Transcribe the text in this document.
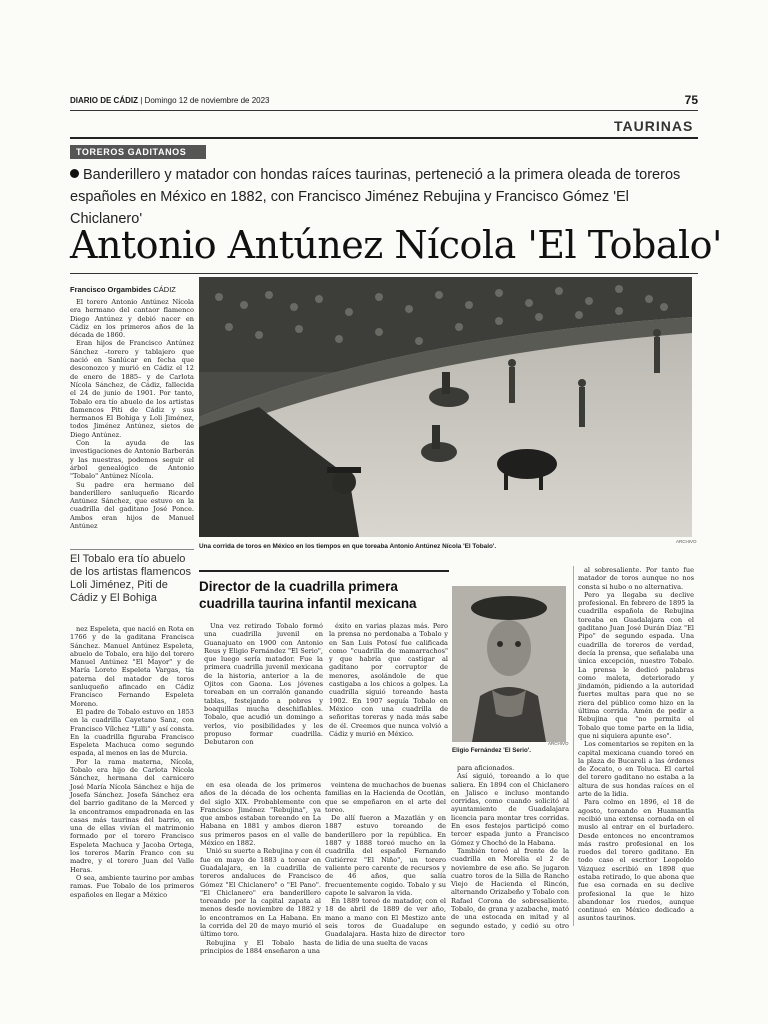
DIARIO DE CÁDIZ | Domingo 12 de noviembre de 2023	75
TAURINAS
TOREROS GADITANOS
Banderillero y matador con hondas raíces taurinas, perteneció a la primera oleada de toreros españoles en México en 1882, con Francisco Jiménez Rebujina y Francisco Gómez 'El Chiclanero'
Antonio Antúnez Nícola 'El Tobalo'
Francisco Orgambides CÁDIZ

El torero Antonio Antúnez Nícola era hermano del cantaor flamenco Diego Antúnez y debió nacer en Cádiz en los primeros años de la década de 1860.

Eran hijos de Francisco Antúnez Sánchez –torero y tablajero que nació en Sanlúcar en fecha que desconozco y murió en Cádiz el 12 de enero de 1885– y de Carlota Nícola Sánchez, de Cádiz, fallecida el 24 de junio de 1901. Por tanto, Tobalo era tío abuelo de los artistas flamencos Piti de Cádiz y sus hermanos El Bohiga y Loli Jiménez, todos Jiménez Antúnez, sietos de Diego Antúnez.

Con la ayuda de las investigaciones de Antonio Barberán y las nuestras, podemos seguir el árbol genealógico de Antonio "Tobalo" Antúnez Nícola.

Su padre era hermano del banderillero sanluqueño Ricardo Antúnez Sánchez, que estuvo en la cuadrilla del gaditano José Ponce. Ambos eran hijos de Manuel Antúnez

El Tobalo era tío abuelo de los artistas flamencos Loli Jiménez, Piti de Cádiz y El Bohiga

nez Espeleta, que nació en Rota en 1766 y de la gaditana Francisca Sánchez. Manuel Antúnez Espeleta, abuelo de Tobalo, era hijo del torero Manuel Antúnez "El Mayor" y de María Loreto Espeleta Vargas, tía paterna del matador de toros sanluqueño afincado en Cádiz Francisco Fernando Espeleta Moreno.

El padre de Tobalo estuvo en 1853 en la cuadrilla Cayetano Sanz, con Francisco Vílchez "Lilli" y así consta. En la cuadrilla figuraba Francisco Espeleta Machuca como segundo espada, al menos en las de Murcia.

Por la rama materna, Nícola, Tobalo era hijo de Carlota Nícola Sánchez, hermana del carnicero José María Nícola Sánchez e hija de Josefa Sánchez. Josefa Sánchez era del barrio gaditano de la Merced y la encontramos empadronada en las casas más taurinas del barrio, en una de ellas vivían el matrimonio formado por el torero Francisco Espeleta Machuca y Jacoba Ortega, los toreros Marín Franco con su madre, y el torero Juan del Valle Heras.

O sea, ambiente taurino por ambas ramas. Fue Tobalo de los primeros españoles en llegar a México

Una corrida de toros en México en los tiempos en que toreaba Antonio Antúnez Nícola 'El Tobalo'.
ARCHIVO
Director de la cuadrilla primera cuadrilla taurina infantil mexicana

Una vez retirado Tobalo formó una cuadrilla juvenil en Guanajuato en 1900 con Antonio Reus y Eligio Fernández "El Serio", que luego sería matador. Fue la primera cuadrilla juvenil mexicana de la historia, anterior a la de Ojitos con Gaona. Los jóvenes toreaban en un corralón ganando tablas, festejando a pobres y boaquillas mucha deschiflables. Tobalo, que acudió un domingo a verlos, vio posibilidades y les propuso formar cuadrilla. Debutaron con

éxito en varias plazas más. Pero la prensa no perdonaba a Tobalo y en San Luis Potosí fue calificada como "cuadrilla de mamarrachos" y que habría que castigar al gaditano por corruptor de menores, asolándole de que castigaba a los chicos a golpes. La cuadrilla siguió toreando hasta 1902. En 1907 seguía Tobalo en México con una cuadrilla de señoritas toreras y nada más sabe de él. Creemos que nunca volvió a Cádiz y murió en México.

Eligio Fernández 'El Serio'.
ARCHIVO

en esa oleada de los primeros años de la década de los ochenta del siglo XIX. Probablemente con Francisco Jiménez "Rebujina", ya que ambos estaban toreando en La Habana en 1881 y ambos dieron sus primeros pasos en el valle de México en 1882.

Unió su suerte a Rebujina y con él fue en mayo de 1883 a torear en Guadalajara, en la cuadrilla de toreros andaluces de Francisco Gómez "El Chiclanero" o "El Pano". "El Chiclanero" era banderillero toreando por la capital zapata al menos desde noviembre de 1882 y lo encontramos en La Habana. En la corrida del 20 de mayo murió el último toro.

Rebujina y El Tobalo hasta principios de 1884 enseñaron a una

veintena de muchachos de buenas familias en la Hacienda de Ocotlán, que se empeñaron en el arte del toreo.

De allí fueron a Mazatlán y en 1887 estuvo toreando de banderillero por la república. En 1887 y 1888 toreó mucho en la cuadrilla del español Fernando Gutiérrez "El Niño", un torero valiente pero carente de recursos y de 46 años, que salía frecuentemente cogido. Tobalo y su capote le salvaron la vida.

En 1889 toreó de matador, con el 18 de abril de 1889 de ver año, mano a mano con El Mestizo ante seis toros de Guadalupe en Guadalajara. Hasta hizo de director de lidia de una suelta de vacas

para aficionados.

Así siguió, toreando a lo que saliera. En 1894 con el Chiclanero en Jalisco e incluso montando corridas, como cuando solicitó al ayuntamiento de Guadalajara licencia para montar tres corridas. En esos festejos participó como tercer espada junto a Francisco Gómez y Chochó de la Habana.

También toreó al frente de la cuadrilla en Morelia el 2 de noviembre de ese año. Se jugaron cuatro toros de la Silla de Rancho Viejo de Hacienda el Rincón, alternando Orizabeño y Tobalo con Rafael Corona de sobresaliente. Tobalo, de grana y azabache, mató de una estocada en mitad y al segundo estado, y cedió su otro toro

al sobresaliente. Por tanto fue matador de toros aunque no nos consta si hubo o no alternativa.

Pero ya llegaba su declive profesional. En febrero de 1895 la cuadrilla española de Rebujina toreaba en Guadalajara con el gaditano Juan José Durán Díaz "El Pipo" de segundo espada. Una cuadrilla de toreros de verdad, decía la prensa, que señalaba una única excepción, nuestro Tobalo. La prensa le dedicó palabras como maleta, deteriorado y jindamón, pidiendo a la autoridad fuertes multas para que no se riera del público como hizo en la última corrida. Amén de pedir a Rebujina que "no permita el Tobalo que tome parte en la lidia, que ni siquiera apunte eso".

Los comentarios se repiten en la capital mexicana cuando toreó en la plaza de Bucareli a las órdenes de Zocato, o en Toluca. El cartel del torero gaditano no estaba a la altura de sus hondas raíces en el arte de la lidia.

Para colmo en 1896, el 18 de agosto, toreando en Huamantla recibió una extensa cornada en el muslo al entrar en el burladero. Desde entonces no encontramos más rastro profesional en los ruedos del torero gaditano. En todo caso el escritor Leopoldo Vázquez escribió en 1898 que estaba retirado, lo que abona que fue esa cornada en su declive profesional la que le hizo abandonar los ruedos, aunque continuó en México dedicado a asuntos taurinos.
